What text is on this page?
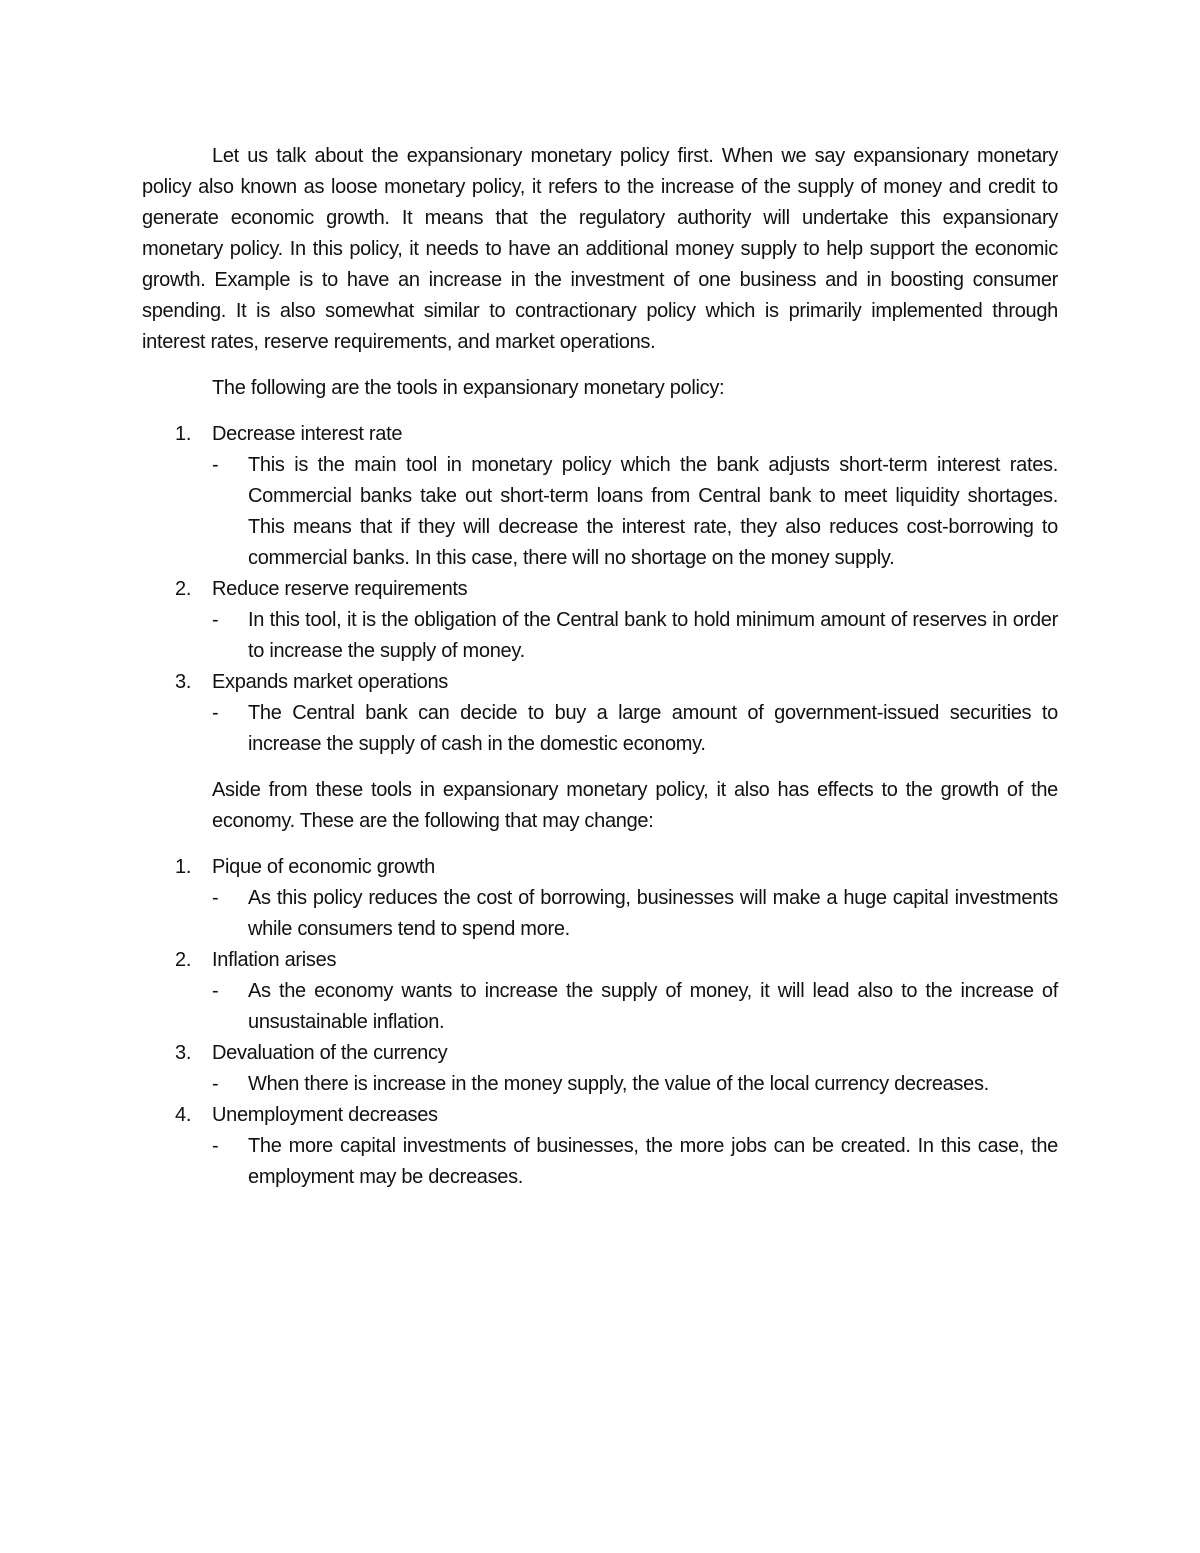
Let us talk about the expansionary monetary policy first. When we say expansionary monetary policy also known as loose monetary policy, it refers to the increase of the supply of money and credit to generate economic growth. It means that the regulatory authority will undertake this expansionary monetary policy. In this policy, it needs to have an additional money supply to help support the economic growth. Example is to have an increase in the investment of one business and in boosting consumer spending. It is also somewhat similar to contractionary policy which is primarily implemented through interest rates, reserve requirements, and market operations.

The following are the tools in expansionary monetary policy:

1.	Decrease interest rate
-	This is the main tool in monetary policy which the bank adjusts short-term interest rates. Commercial banks take out short-term loans from Central bank to meet liquidity shortages. This means that if they will decrease the interest rate, they also reduces cost-borrowing to commercial banks. In this case, there will no shortage on the money supply.
2.	Reduce reserve requirements
-	In this tool, it is the obligation of the Central bank to hold minimum amount of reserves in order to increase the supply of money.
3.	Expands market operations
-	The Central bank can decide to buy a large amount of government-issued securities to increase the supply of cash in the domestic economy.

Aside from these tools in expansionary monetary policy, it also has effects to the growth of the economy. These are the following that may change:

1.	Pique of economic growth
-	As this policy reduces the cost of borrowing, businesses will make a huge capital investments while consumers tend to spend more.
2.	Inflation arises
-	As the economy wants to increase the supply of money, it will lead also to the increase of unsustainable inflation.
3.	Devaluation of the currency
-	When there is increase in the money supply, the value of the local currency decreases.
4.	Unemployment decreases
-	The more capital investments of businesses, the more jobs can be created. In this case, the employment may be decreases.
